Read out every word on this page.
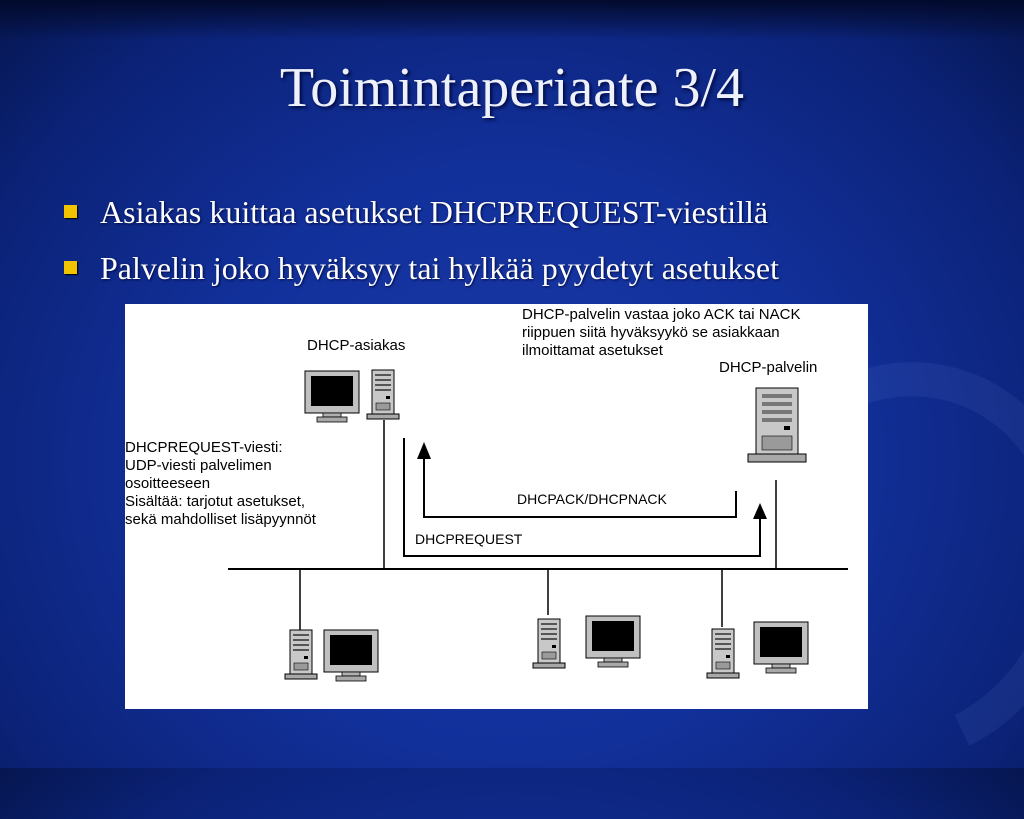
Toimintaperiaate 3/4
Asiakas kuittaa asetukset DHCPREQUEST-viestillä
Palvelin joko hyväksyy tai hylkää pyydetyt asetukset
DHCP-asiakas
DHCP-palvelin
DHCP-palvelin vastaa joko ACK tai NACK
riippuen siitä hyväksyykö se asiakkaan
ilmoittamat asetukset
DHCPREQUEST-viesti:
UDP-viesti palvelimen
osoitteeseen
Sisältää: tarjotut asetukset,
sekä mahdolliset lisäpyynnöt
DHCPACK/DHCPNACK
DHCPREQUEST
